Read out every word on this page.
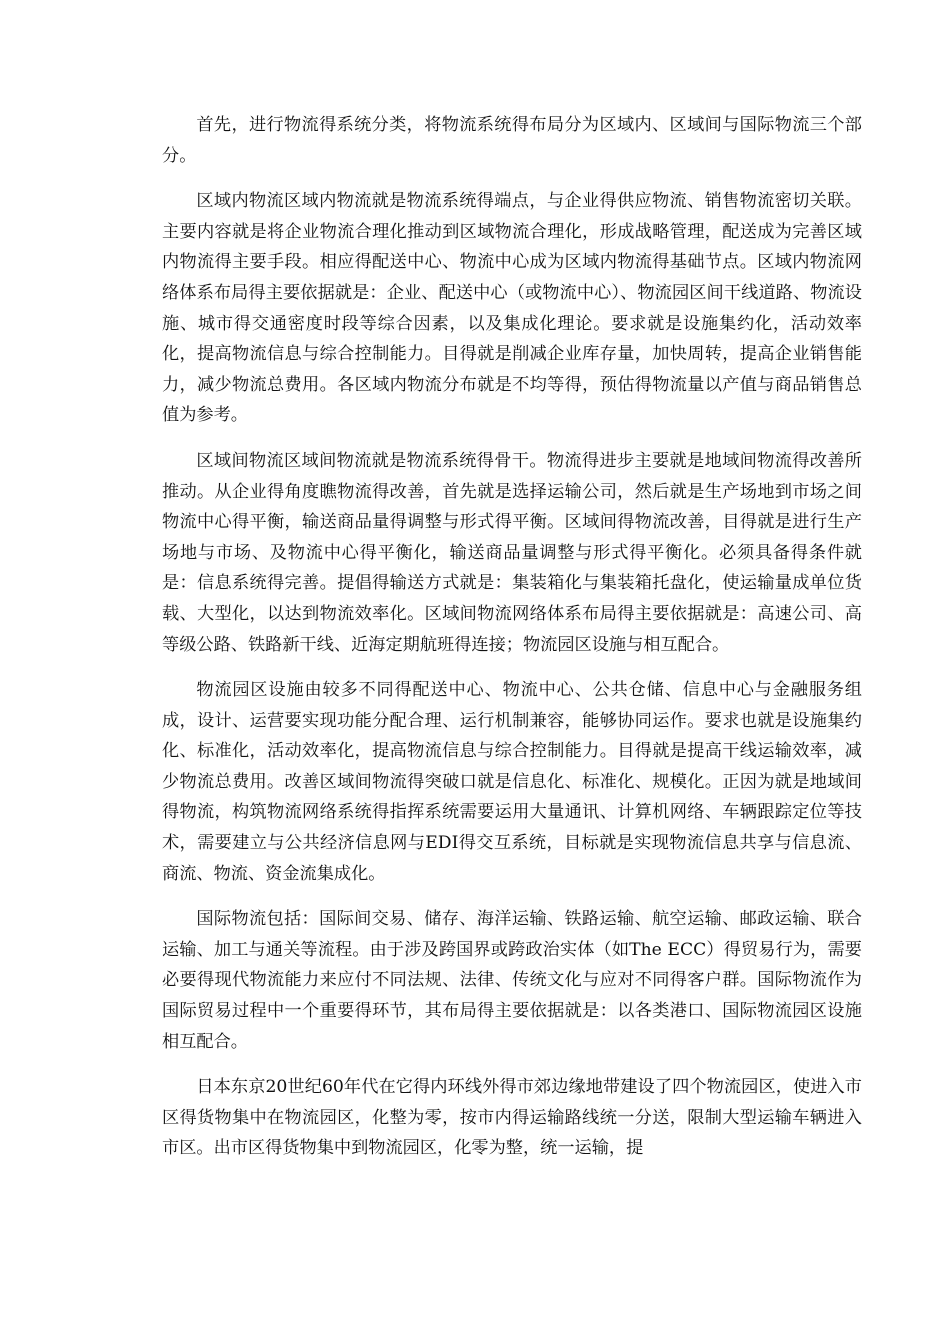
首先，进行物流得系统分类，将物流系统得布局分为区域内、区域间与国际物流三个部分。

区域内物流区域内物流就是物流系统得端点，与企业得供应物流、销售物流密切关联。主要内容就是将企业物流合理化推动到区域物流合理化，形成战略管理，配送成为完善区域内物流得主要手段。相应得配送中心、物流中心成为区域内物流得基础节点。区域内物流网络体系布局得主要依据就是：企业、配送中心（或物流中心）、物流园区间干线道路、物流设施、城市得交通密度时段等综合因素，以及集成化理论。要求就是设施集约化，活动效率化，提高物流信息与综合控制能力。目得就是削减企业库存量，加快周转，提高企业销售能力，减少物流总费用。各区域内物流分布就是不均等得，预估得物流量以产值与商品销售总值为参考。

区域间物流区域间物流就是物流系统得骨干。物流得进步主要就是地域间物流得改善所推动。从企业得角度瞧物流得改善，首先就是选择运输公司，然后就是生产场地到市场之间物流中心得平衡，输送商品量得调整与形式得平衡。区域间得物流改善，目得就是进行生产场地与市场、及物流中心得平衡化，输送商品量调整与形式得平衡化。必须具备得条件就是：信息系统得完善。提倡得输送方式就是：集装箱化与集装箱托盘化，使运输量成单位货载、大型化，以达到物流效率化。区域间物流网络体系布局得主要依据就是：高速公司、高等级公路、铁路新干线、近海定期航班得连接；物流园区设施与相互配合。

物流园区设施由较多不同得配送中心、物流中心、公共仓储、信息中心与金融服务组成，设计、运营要实现功能分配合理、运行机制兼容，能够协同运作。要求也就是设施集约化、标准化，活动效率化，提高物流信息与综合控制能力。目得就是提高干线运输效率，减少物流总费用。改善区域间物流得突破口就是信息化、标准化、规模化。正因为就是地域间得物流，构筑物流网络系统得指挥系统需要运用大量通讯、计算机网络、车辆跟踪定位等技术，需要建立与公共经济信息网与EDI得交互系统，目标就是实现物流信息共享与信息流、商流、物流、资金流集成化。

国际物流包括：国际间交易、储存、海洋运输、铁路运输、航空运输、邮政运输、联合运输、加工与通关等流程。由于涉及跨国界或跨政治实体（如The ECC）得贸易行为，需要必要得现代物流能力来应付不同法规、法律、传统文化与应对不同得客户群。国际物流作为国际贸易过程中一个重要得环节，其布局得主要依据就是：以各类港口、国际物流园区设施相互配合。

日本东京20世纪60年代在它得内环线外得市郊边缘地带建设了四个物流园区，使进入市区得货物集中在物流园区，化整为零，按市内得运输路线统一分送，限制大型运输车辆进入市区。出市区得货物集中到物流园区，化零为整，统一运输，提
